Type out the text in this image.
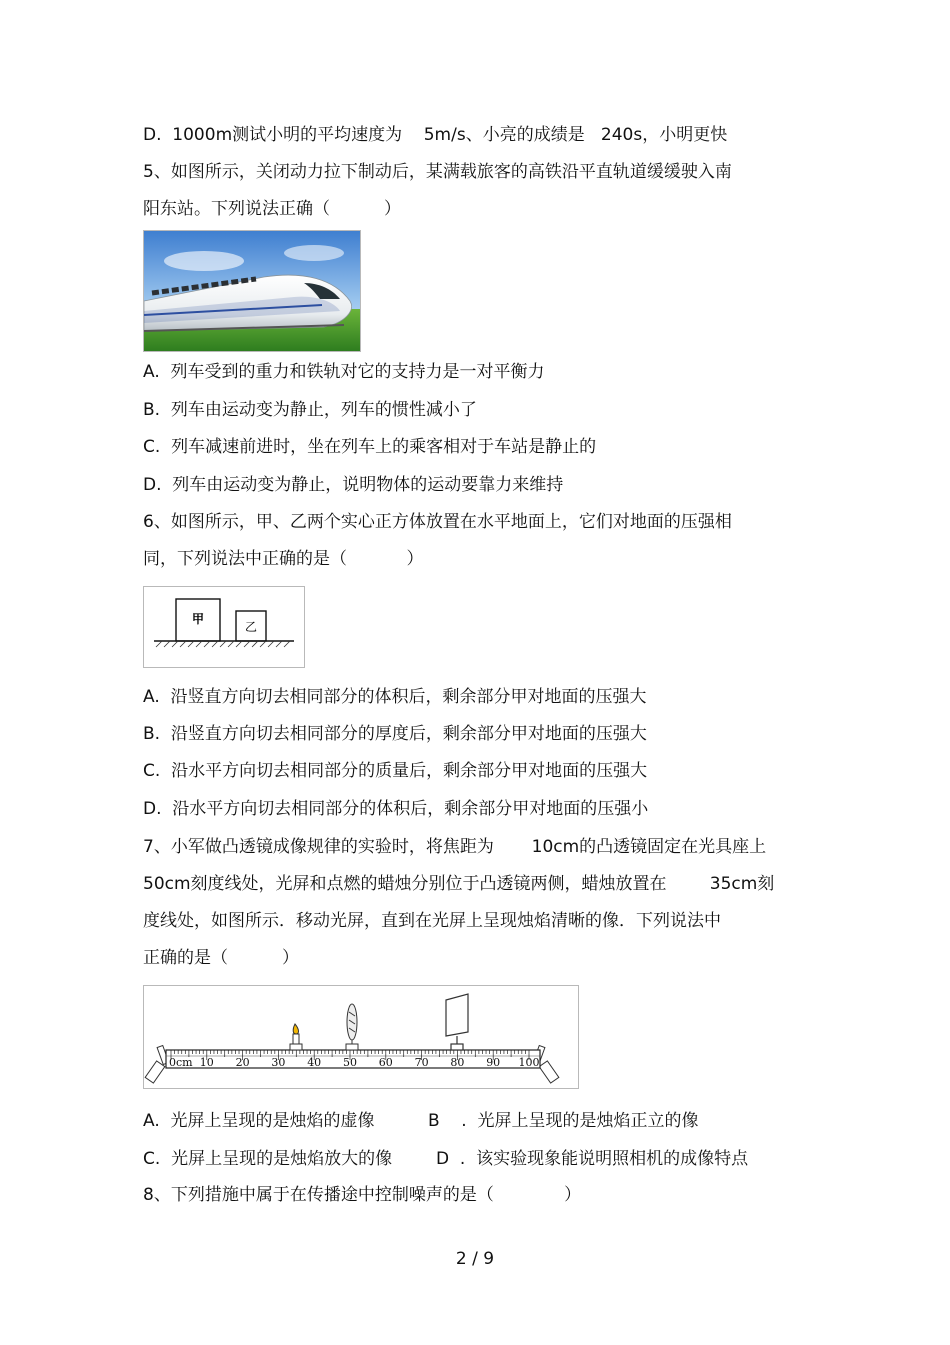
D.  1000m测试小明的平均速度为    5m/s、小亮的成绩是   240s，小明更快
5、如图所示，关闭动力拉下制动后，某满载旅客的高铁沿平直轨道缓缓驶入南
阳东站。下列说法正确（          ）
A.  列车受到的重力和铁轨对它的支持力是一对平衡力
B.  列车由运动变为静止，列车的惯性减小了
C.  列车减速前进时，坐在列车上的乘客相对于车站是静止的
D.  列车由运动变为静止，说明物体的运动要靠力来维持
6、如图所示，甲、乙两个实心正方体放置在水平地面上，它们对地面的压强相
同，下列说法中正确的是（           ）
甲
乙
A.  沿竖直方向切去相同部分的体积后，剩余部分甲对地面的压强大
B.  沿竖直方向切去相同部分的厚度后，剩余部分甲对地面的压强大
C.  沿水平方向切去相同部分的质量后，剩余部分甲对地面的压强大
D.  沿水平方向切去相同部分的体积后，剩余部分甲对地面的压强小
7、小军做凸透镜成像规律的实验时，将焦距为       10cm的凸透镜固定在光具座上
50cm刻度线处，光屏和点燃的蜡烛分别位于凸透镜两侧，蜡烛放置在        35cm刻
度线处，如图所示．移动光屏，直到在光屏上呈现烛焰清晰的像．下列说法中
正确的是（          ）
0cm 10 20 30 40 50 60 70 80 90 100
A.  光屏上呈现的是烛焰的虚像	B    .  光屏上呈现的是烛焰正立的像
C.  光屏上呈现的是烛焰放大的像	D  .  该实验现象能说明照相机的成像特点
8、下列措施中属于在传播途中控制噪声的是（             ）
2 / 9
